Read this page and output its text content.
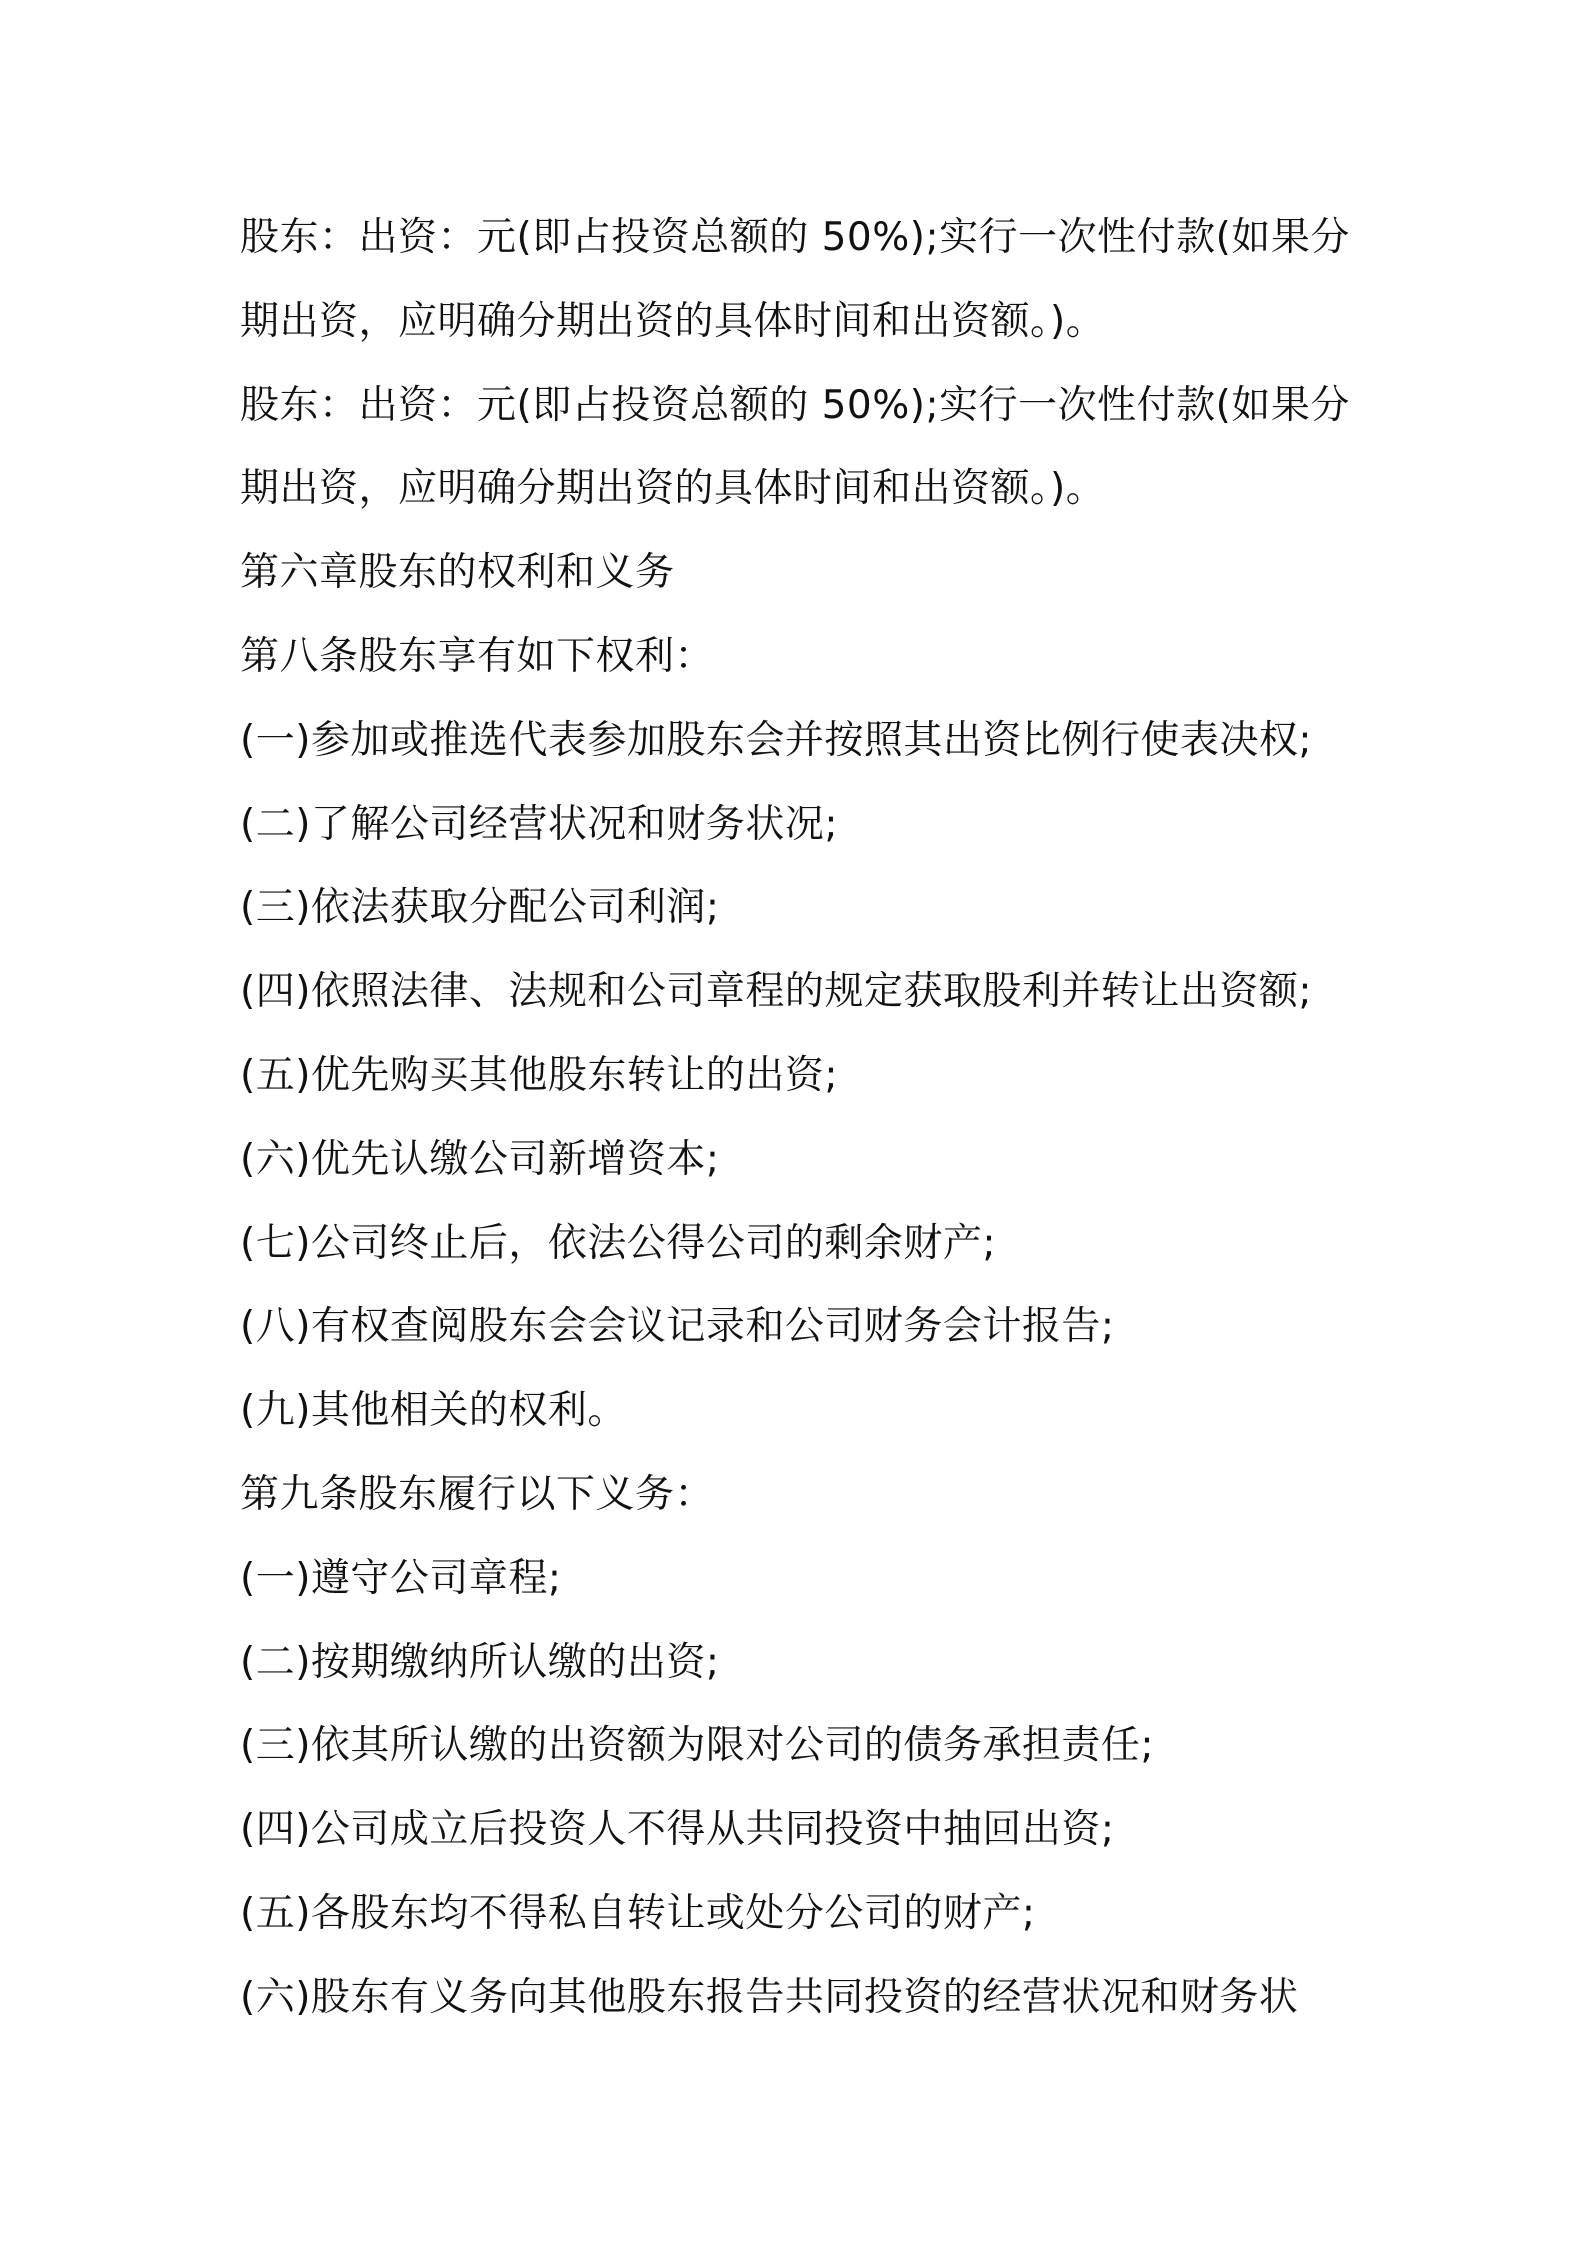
股东：出资：元(即占投资总额的 50%);实行一次性付款(如果分
期出资，应明确分期出资的具体时间和出资额。)。
股东：出资：元(即占投资总额的 50%);实行一次性付款(如果分
期出资，应明确分期出资的具体时间和出资额。)。
第六章股东的权利和义务
第八条股东享有如下权利：
(一)参加或推选代表参加股东会并按照其出资比例行使表决权;
(二)了解公司经营状况和财务状况;
(三)依法获取分配公司利润;
(四)依照法律、法规和公司章程的规定获取股利并转让出资额;
(五)优先购买其他股东转让的出资;
(六)优先认缴公司新增资本;
(七)公司终止后，依法公得公司的剩余财产;
(八)有权查阅股东会会议记录和公司财务会计报告;
(九)其他相关的权利。
第九条股东履行以下义务：
(一)遵守公司章程;
(二)按期缴纳所认缴的出资;
(三)依其所认缴的出资额为限对公司的债务承担责任;
(四)公司成立后投资人不得从共同投资中抽回出资;
(五)各股东均不得私自转让或处分公司的财产;
(六)股东有义务向其他股东报告共同投资的经营状况和财务状
